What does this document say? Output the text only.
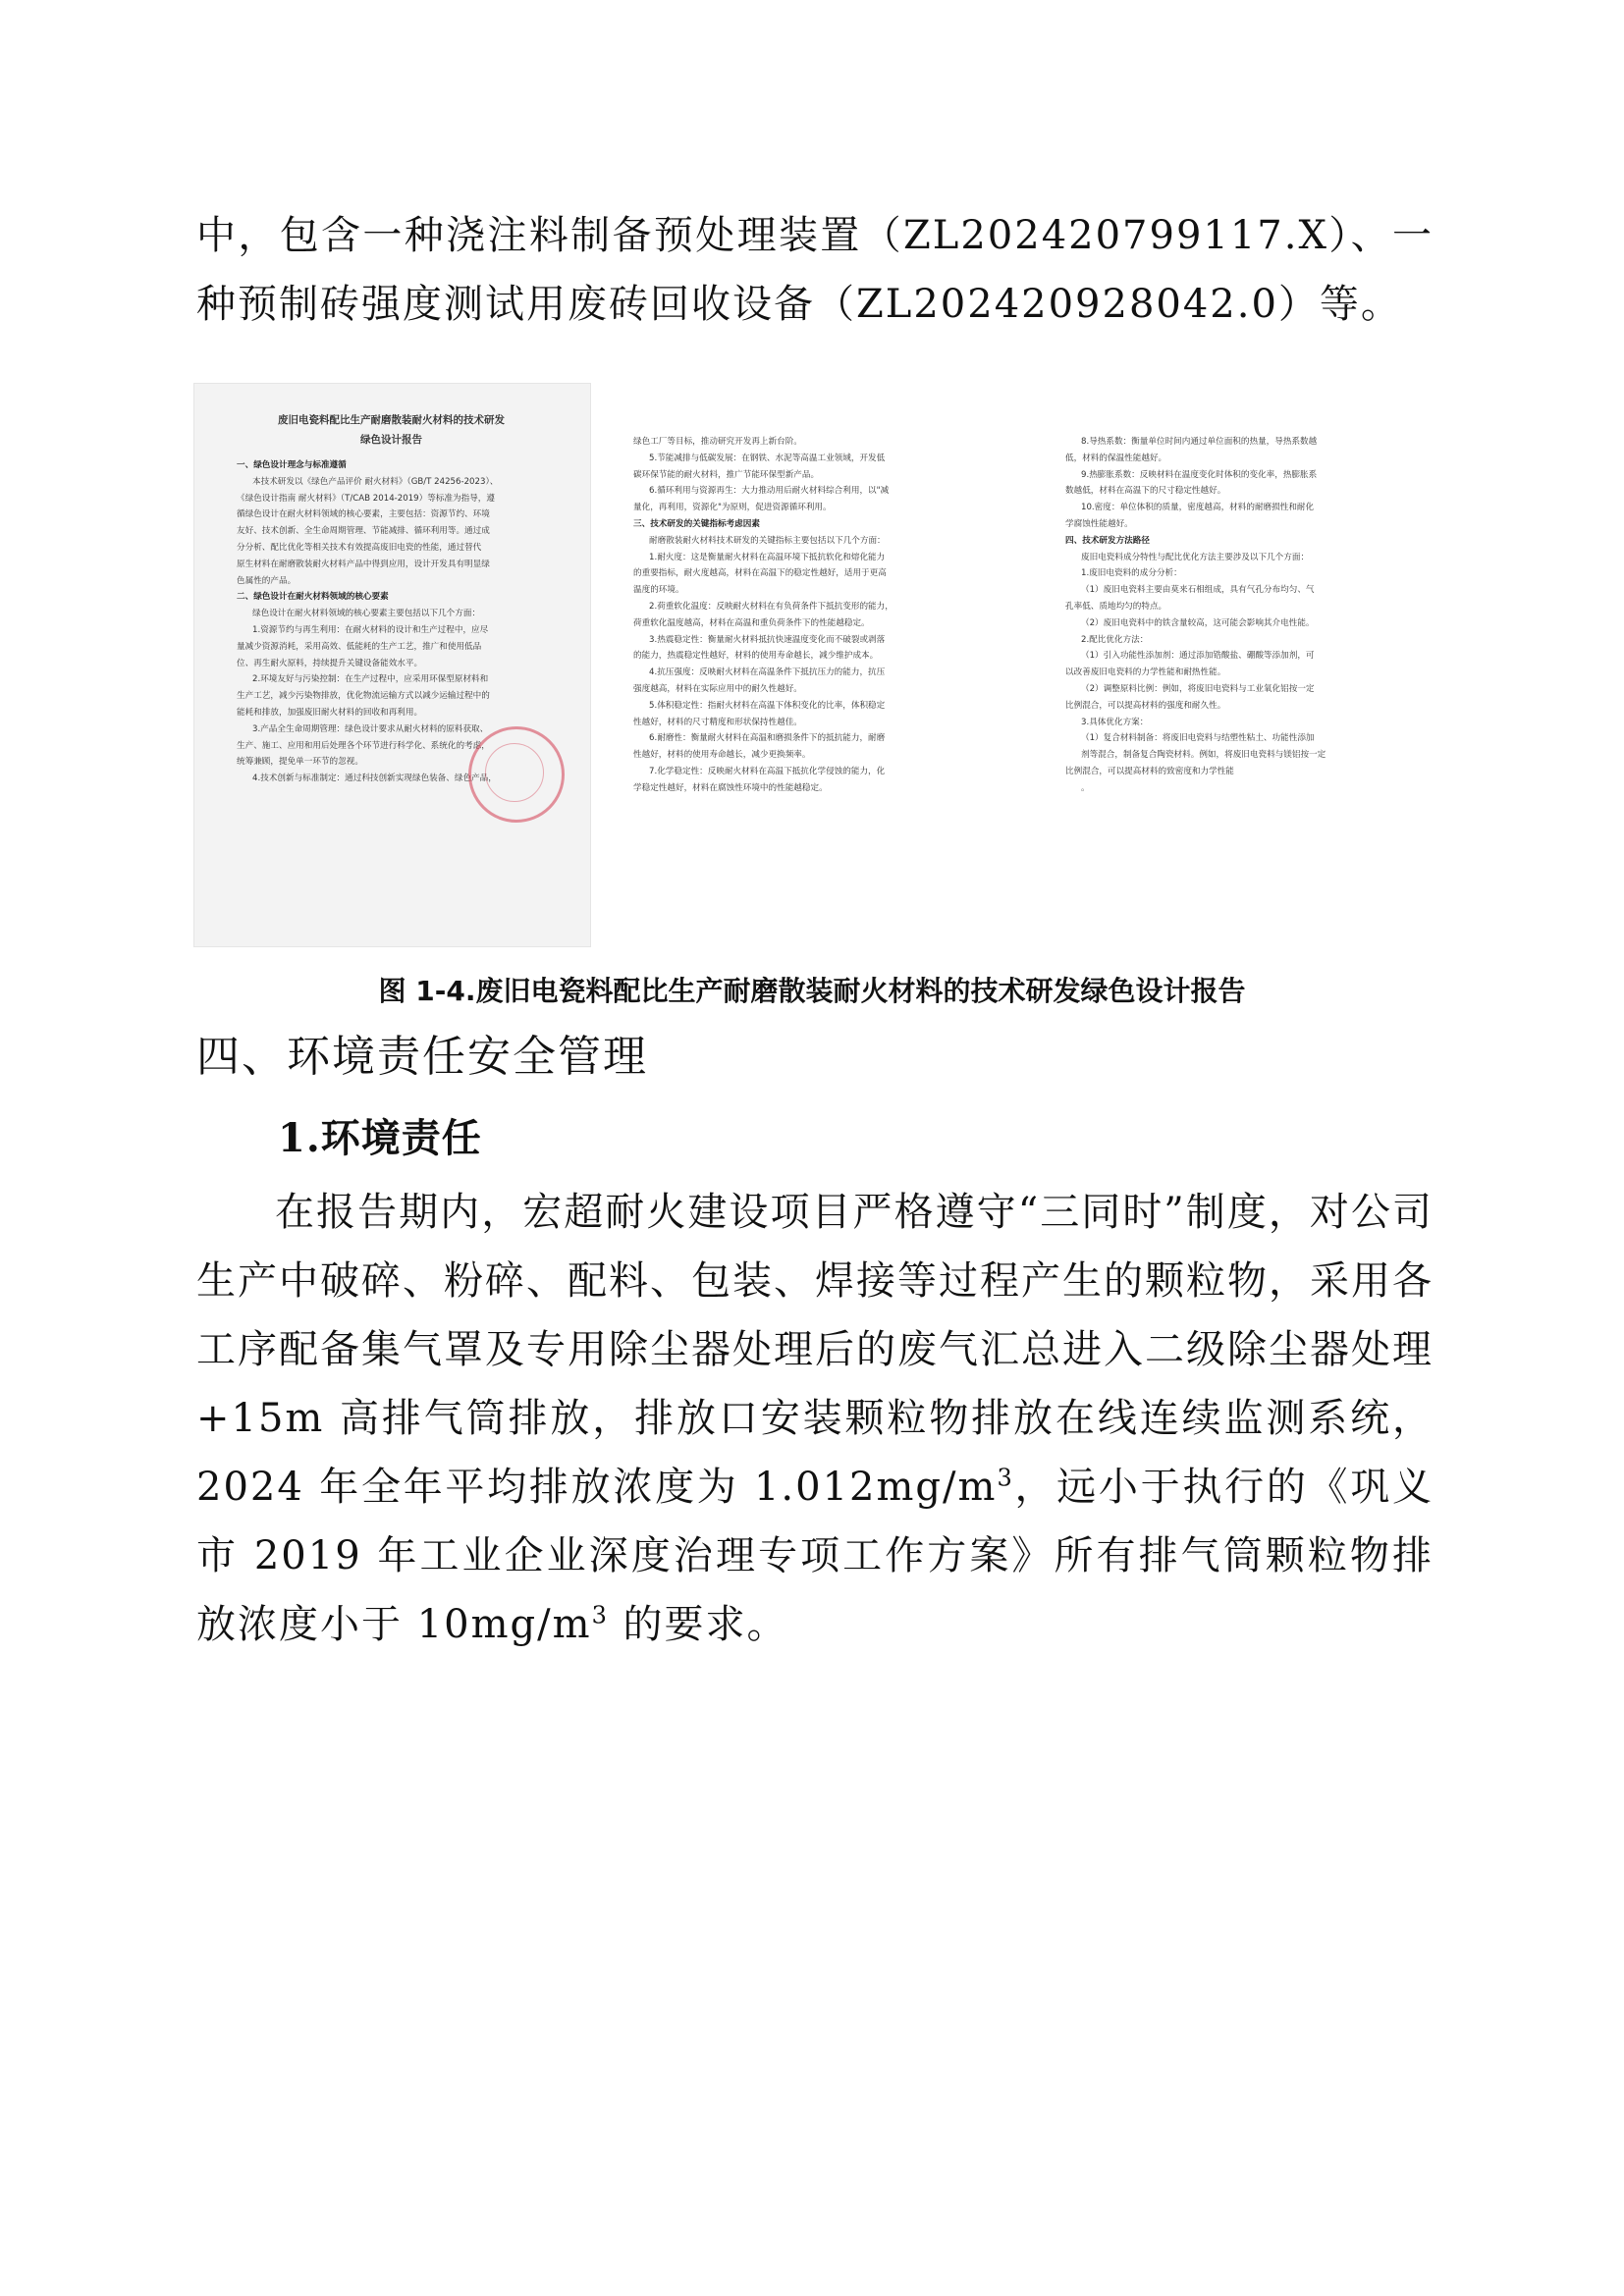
中，包含一种浇注料制备预处理装置（ZL202420799117.X）、一种预制砖强度测试用废砖回收设备（ZL202420928042.0）等。

废旧电瓷料配比生产耐磨散装耐火材料的技术研发
绿色设计报告
一、绿色设计理念与标准遵循
本技术研发以《绿色产品评价 耐火材料》（GB/T 24256-2023）、
《绿色设计指南 耐火材料》（T/CAB 2014-2019）等标准为指导，遵
循绿色设计在耐火材料领域的核心要素，主要包括：资源节约、环境
友好、技术创新、全生命周期管理、节能减排、循环利用等。通过成
分分析、配比优化等相关技术有效提高废旧电瓷的性能，通过替代
原生材料在耐磨散装耐火材料产品中得到应用，设计开发具有明显绿
色属性的产品。
二、绿色设计在耐火材料领域的核心要素
绿色设计在耐火材料领域的核心要素主要包括以下几个方面：
1.资源节约与再生利用：在耐火材料的设计和生产过程中，应尽
量减少资源消耗，采用高效、低能耗的生产工艺，推广和使用低品
位、再生耐火原料，持续提升关键设备能效水平。
2.环境友好与污染控制：在生产过程中，应采用环保型原材料和
生产工艺，减少污染物排放，优化物流运输方式以减少运输过程中的
能耗和排放，加强废旧耐火材料的回收和再利用。
3.产品全生命周期管理：绿色设计要求从耐火材料的原料获取、
生产、施工、应用和用后处理各个环节进行科学化、系统化的考虑，
统筹兼顾，提免单一环节的忽视。
4.技术创新与标准制定：通过科技创新实现绿色装备、绿色产品，
绿色工厂等目标，推动研究开发再上新台阶。
5.节能减排与低碳发展：在钢铁、水泥等高温工业领域，开发低
碳环保节能的耐火材料，推广节能环保型新产品。
6.循环利用与资源再生：大力推动用后耐火材料综合利用，以"减
量化，再利用，资源化"为原则，促进资源循环利用。
三、技术研发的关键指标考虑因素
耐磨散装耐火材料技术研发的关键指标主要包括以下几个方面：
1.耐火度：这是衡量耐火材料在高温环境下抵抗软化和熔化能力
的重要指标，耐火度越高，材料在高温下的稳定性越好，适用于更高
温度的环境。
2.荷重软化温度：反映耐火材料在有负荷条件下抵抗变形的能力，
荷重软化温度越高，材料在高温和重负荷条件下的性能越稳定。
3.热震稳定性：衡量耐火材料抵抗快速温度变化而不破裂或剥落
的能力，热震稳定性越好，材料的使用寿命越长，减少维护成本。
4.抗压强度：反映耐火材料在高温条件下抵抗压力的能力，抗压
强度越高，材料在实际应用中的耐久性越好。
5.体积稳定性：指耐火材料在高温下体积变化的比率，体积稳定
性越好，材料的尺寸精度和形状保持性越佳。
6.耐磨性：衡量耐火材料在高温和磨损条件下的抵抗能力，耐磨
性越好，材料的使用寿命越长，减少更换频率。
7.化学稳定性：反映耐火材料在高温下抵抗化学侵蚀的能力，化
学稳定性越好，材料在腐蚀性环境中的性能越稳定。
8.导热系数：衡量单位时间内通过单位面积的热量，导热系数越
低，材料的保温性能越好。
9.热膨胀系数：反映材料在温度变化时体积的变化率，热膨胀系
数越低，材料在高温下的尺寸稳定性越好。
10.密度：单位体积的质量，密度越高，材料的耐磨损性和耐化
学腐蚀性能越好。
四、技术研发方法路径
废旧电瓷料成分特性与配比优化方法主要涉及以下几个方面：
1.废旧电瓷料的成分分析：
（1）废旧电瓷料主要由莫来石相组成，具有气孔分布均匀、气
孔率低、质地均匀的特点。
（2）废旧电瓷料中的铁含量较高，这可能会影响其介电性能。
2.配比优化方法：
（1）引入功能性添加剂：通过添加锆酸盐、硼酸等添加剂，可
以改善废旧电瓷料的力学性能和耐热性能。
（2）调整原料比例：例如，将废旧电瓷料与工业氧化铝按一定
比例混合，可以提高材料的强度和耐久性。
3.具体优化方案：
（1）复合材料制备：将废旧电瓷料与结塑性粘土、功能性添加
剂等混合，制备复合陶瓷材料。例如，将废旧电瓷料与镁铝按一定
比例混合，可以提高材料的致密度和力学性能
。
图 1-4.废旧电瓷料配比生产耐磨散装耐火材料的技术研发绿色设计报告
四、环境责任安全管理
1.环境责任

在报告期内，宏超耐火建设项目严格遵守“三同时”制度，对公司生产中破碎、粉碎、配料、包装、焊接等过程产生的颗粒物，采用各工序配备集气罩及专用除尘器处理后的废气汇总进入二级除尘器处理+15m 高排气筒排放，排放口安装颗粒物排放在线连续监测系统，2024 年全年平均排放浓度为 $1.012mg/m^3$，远小于执行的《巩义市 2019 年工业企业深度治理专项工作方案》所有排气筒颗粒物排放浓度小于 $10mg/m^3$ 的要求。
